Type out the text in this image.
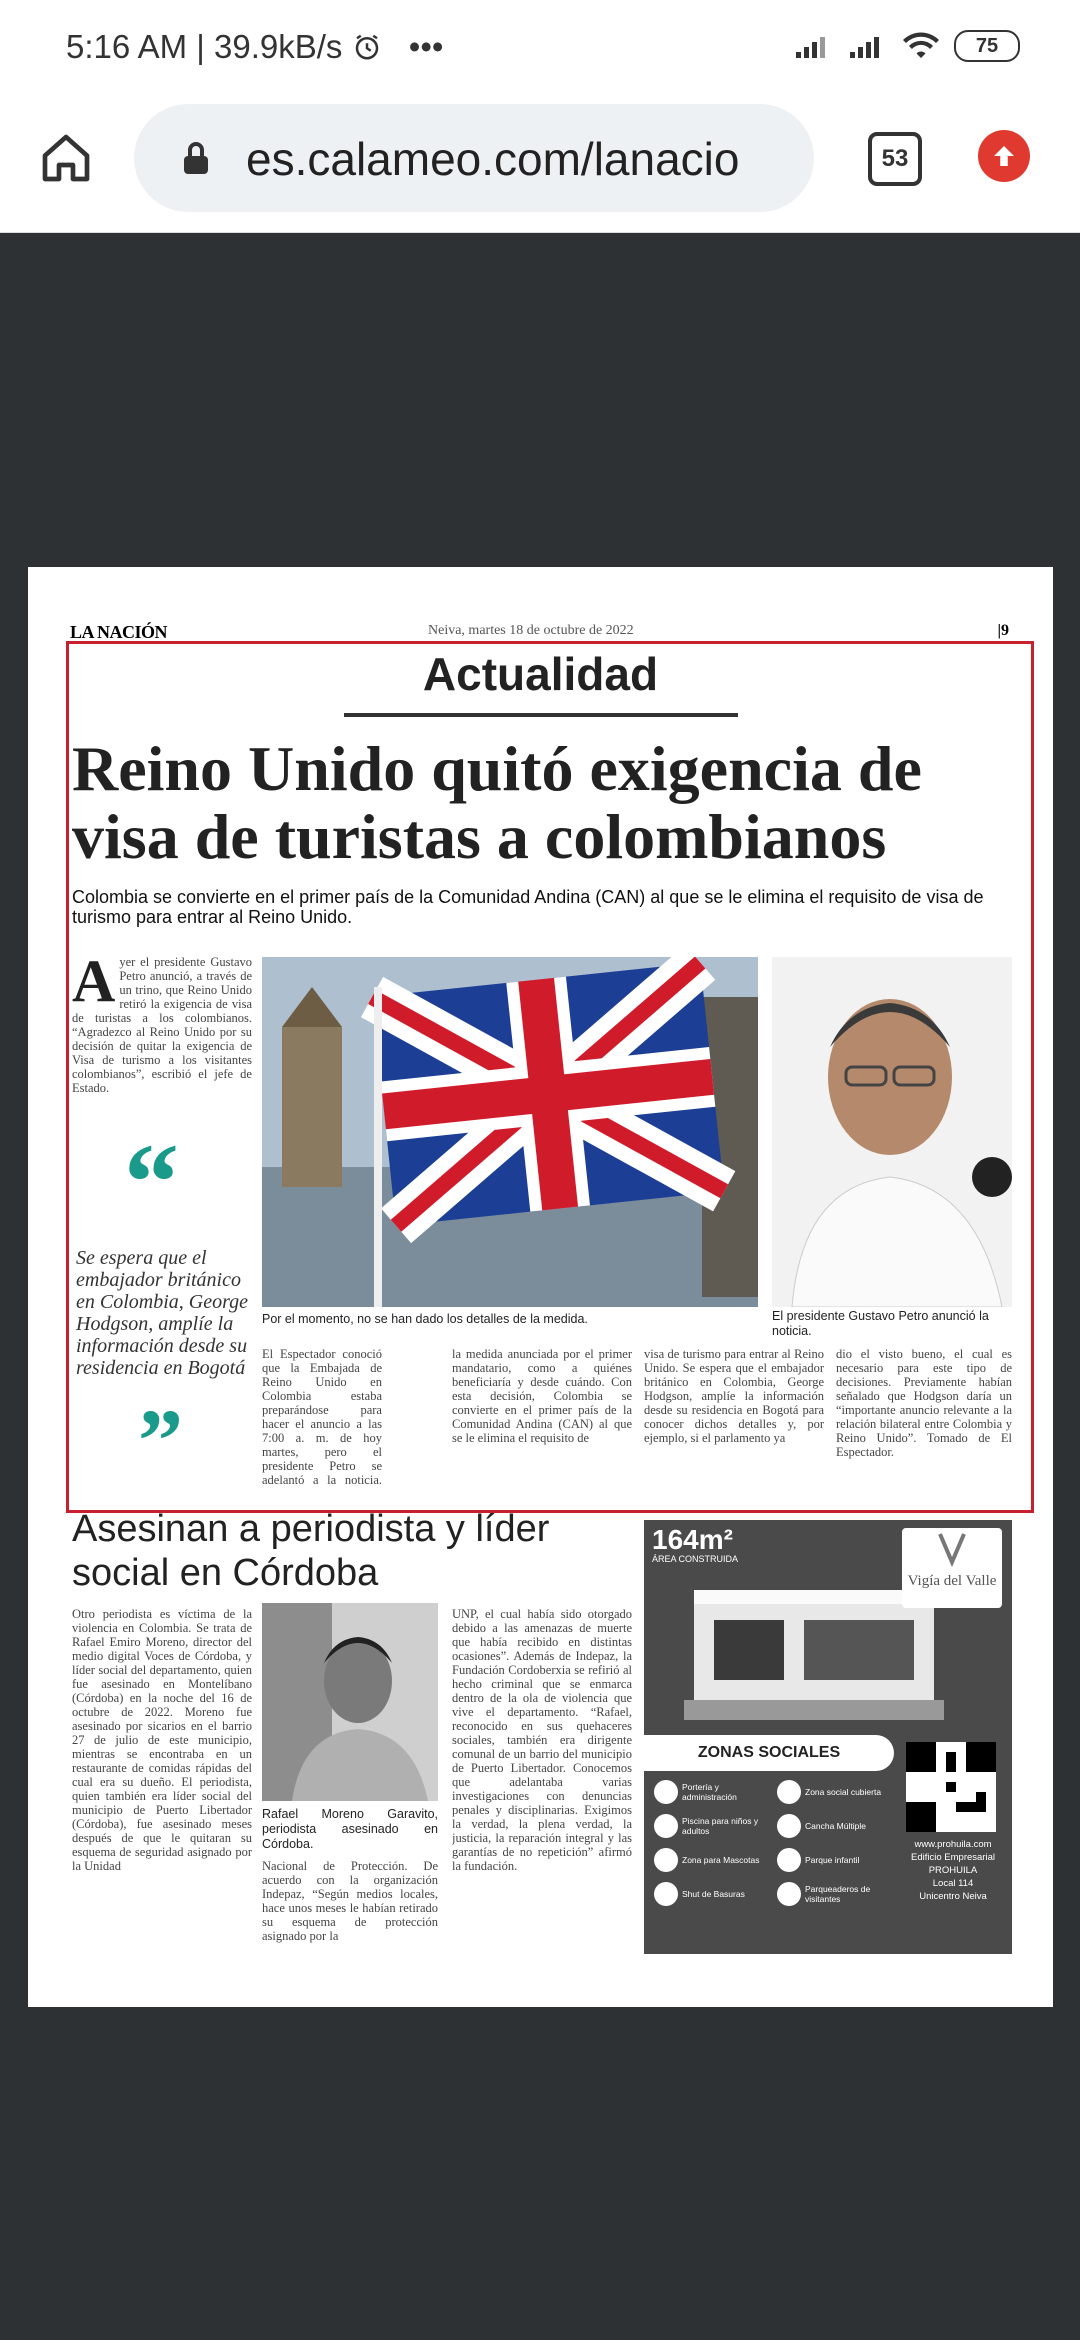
5:16 AM | 39.9kB/s •••	75
es.calameo.com/lanacio	53
LA NACIÓN	Neiva, martes 18 de octubre de 2022	|9
Actualidad
Reino Unido quitó exigencia de visa de turistas a colombianos
Colombia se convierte en el primer país de la Comunidad Andina (CAN) al que se le elimina el requisito de visa de turismo para entrar al Reino Unido.
Ayer el presidente Gustavo Petro anunció, a través de un trino, que Reino Unido retiró la exigencia de visa de turistas a los colombianos. “Agradezco al Reino Unido por su decisión de quitar la exigencia de Visa de turismo a los visitantes colombianos”, escribió el jefe de Estado.
“
Se espera que el embajador británico en Colombia, George Hodgson, amplíe la información desde su residencia en Bogotá
”
Por el momento, no se han dado los detalles de la medida.	El presidente Gustavo Petro anunció la noticia.
El Espectador conoció que la Embajada de Reino Unido en Colombia estaba preparándose para hacer el anuncio a las 7:00 a. m. de hoy martes, pero el presidente Petro se adelantó a la noticia.
la medida anunciada por el primer mandatario, como a quiénes beneficiaría y desde cuándo. Con esta decisión, Colombia se convierte en el primer país de la Comunidad Andina (CAN) al que se le elimina el requisito de
visa de turismo para entrar al Reino Unido. Se espera que el embajador británico en Colombia, George Hodgson, amplíe la información desde su residencia en Bogotá para conocer dichos detalles y, por ejemplo, si el parlamento ya
dio el visto bueno, el cual es necesario para este tipo de decisiones. Previamente habían señalado que Hodgson daría un “importante anuncio relevante a la relación bilateral entre Colombia y Reino Unido”. Tomado de El Espectador.
Asesinan a periodista y líder social en Córdoba
Otro periodista es víctima de la violencia en Colombia. Se trata de Rafael Emiro Moreno, director del medio digital Voces de Córdoba, y líder social del departamento, quien fue asesinado en Montelíbano (Córdoba) en la noche del 16 de octubre de 2022. Moreno fue asesinado por sicarios en el barrio 27 de julio de este municipio, mientras se encontraba en un restaurante de comidas rápidas del cual era su dueño. El periodista, quien también era líder social del municipio de Puerto Libertador (Córdoba), fue asesinado meses después de que le quitaran su esquema de seguridad asignado por la Unidad
Rafael Moreno Garavito, periodista asesinado en Córdoba.
Nacional de Protección. De acuerdo con la organización Indepaz, “Según medios locales, hace unos meses le habían retirado su esquema de protección asignado por la
UNP, el cual había sido otorgado debido a las amenazas de muerte que había recibido en distintas ocasiones”. Además de Indepaz, la Fundación Cordoberxia se refirió al hecho criminal que se enmarca dentro de la ola de violencia que vive el departamento. “Rafael, reconocido en sus quehaceres sociales, también era dirigente comunal de un barrio del municipio de Puerto Libertador. Conocemos que adelantaba varias investigaciones con denuncias penales y disciplinarias. Exigimos la verdad, la plena verdad, la justicia, la reparación integral y las garantías de no repetición” afirmó la fundación.
164m²
ÁREA CONSTRUIDA
Vigía del Valle
ZONAS SOCIALES
Portería y administración	Zona social cubierta
Piscina para niños y adultos	Cancha Múltiple
Zona para Mascotas	Parque infantil
Shut de Basuras	Parqueaderos de visitantes
www.prohuila.com
Edificio Empresarial PROHUILA
Local 114
Unicentro Neiva
